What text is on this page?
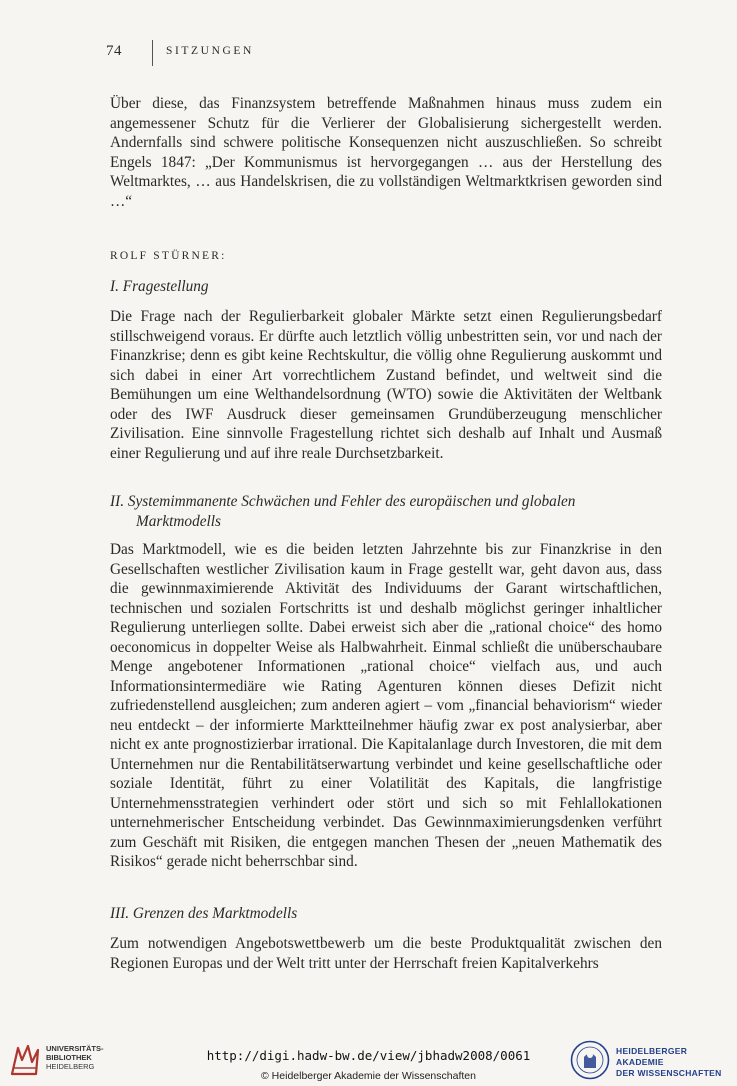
74	SITZUNGEN

Über diese, das Finanzsystem betreffende Maßnahmen hinaus muss zudem ein angemessener Schutz für die Verlierer der Globalisierung sichergestellt werden. Andernfalls sind schwere politische Konsequenzen nicht auszuschließen. So schreibt Engels 1847: „Der Kommunismus ist hervorgegangen … aus der Herstellung des Weltmarktes, … aus Handelskrisen, die zu vollständigen Weltmarktkrisen geworden sind …“

ROLF STÜRNER:
I. Fragestellung

Die Frage nach der Regulierbarkeit globaler Märkte setzt einen Regulierungsbedarf stillschweigend voraus. Er dürfte auch letztlich völlig unbestritten sein, vor und nach der Finanzkrise; denn es gibt keine Rechtskultur, die völlig ohne Regulierung auskommt und sich dabei in einer Art vorrechtlichem Zustand befindet, und weltweit sind die Bemühungen um eine Welthandelsordnung (WTO) sowie die Aktivitäten der Weltbank oder des IWF Ausdruck dieser gemeinsamen Grundüberzeugung menschlicher Zivilisation. Eine sinnvolle Fragestellung richtet sich deshalb auf Inhalt und Ausmaß einer Regulierung und auf ihre reale Durchsetzbarkeit.

II. Systemimmanente Schwächen und Fehler des europäischen und globalen Marktmodells

Das Marktmodell, wie es die beiden letzten Jahrzehnte bis zur Finanzkrise in den Gesellschaften westlicher Zivilisation kaum in Frage gestellt war, geht davon aus, dass die gewinnmaximierende Aktivität des Individuums der Garant wirtschaftlichen, technischen und sozialen Fortschritts ist und deshalb möglichst geringer inhaltlicher Regulierung unterliegen sollte. Dabei erweist sich aber die „rational choice“ des homo oeconomicus in doppelter Weise als Halbwahrheit. Einmal schließt die unüberschaubare Menge angebotener Informationen „rational choice“ vielfach aus, und auch Informationsintermediäre wie Rating Agenturen können dieses Defizit nicht zufriedenstellend ausgleichen; zum anderen agiert – vom „financial behaviorism“ wieder neu entdeckt – der informierte Marktteilnehmer häufig zwar ex post analysierbar, aber nicht ex ante prognostizierbar irrational. Die Kapitalanlage durch Investoren, die mit dem Unternehmen nur die Rentabilitätserwartung verbindet und keine gesellschaftliche oder soziale Identität, führt zu einer Volatilität des Kapitals, die langfristige Unternehmensstrategien verhindert oder stört und sich so mit Fehlallokationen unternehmerischer Entscheidung verbindet. Das Gewinnmaximierungsdenken verführt zum Geschäft mit Risiken, die entgegen manchen Thesen der „neuen Mathematik des Risikos“ gerade nicht beherrschbar sind.

III. Grenzen des Marktmodells

Zum notwendigen Angebotswettbewerb um die beste Produktqualität zwischen den Regionen Europas und der Welt tritt unter der Herrschaft freien Kapitalverkehrs

UNIVERSITÄTS-
BIBLIOTHEK
HEIDELBERG
http://digi.hadw-bw.de/view/jbhadw2008/0061
© Heidelberger Akademie der Wissenschaften
HEIDELBERGER AKADEMIE
DER WISSENSCHAFTEN
